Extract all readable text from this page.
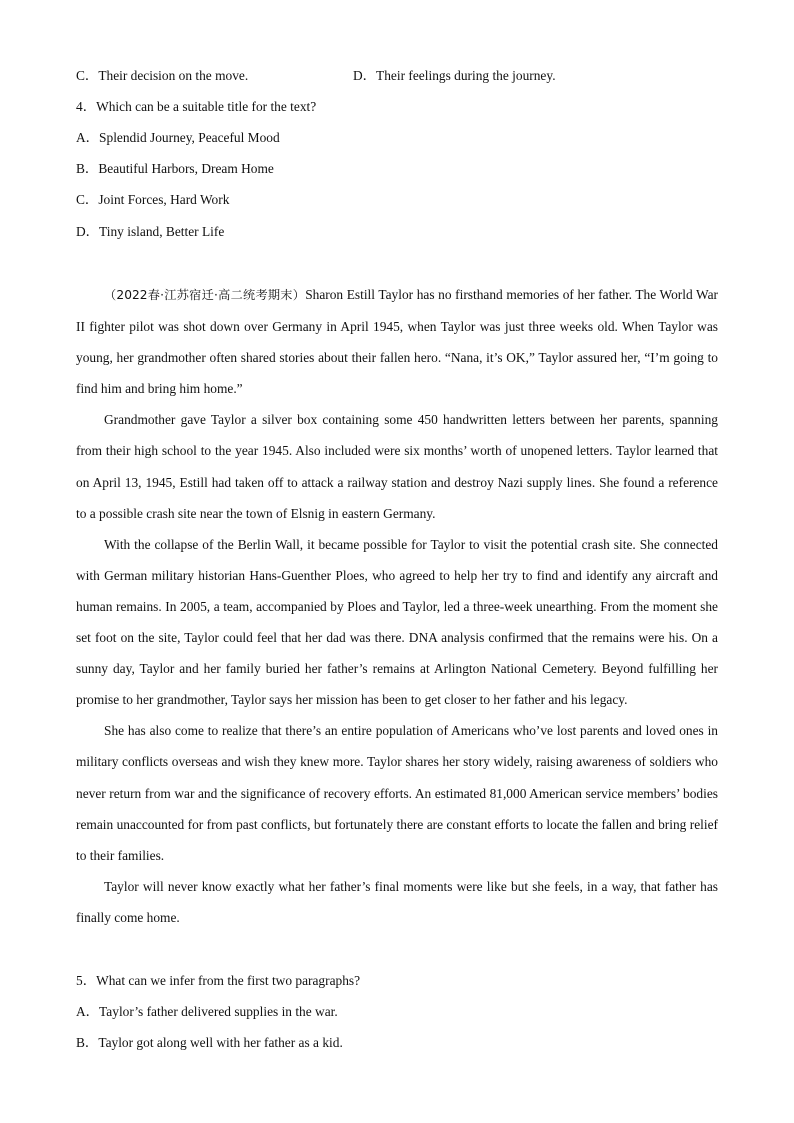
C．Their decision on the move.	D．Their feelings during the journey.
4．Which can be a suitable title for the text?
A．Splendid Journey, Peaceful Mood
B．Beautiful Harbors, Dream Home
C．Joint Forces, Hard Work
D．Tiny island, Better Life

（2022春·江苏宿迁·高二统考期末）Sharon Estill Taylor has no firsthand memories of her father. The World War II fighter pilot was shot down over Germany in April 1945, when Taylor was just three weeks old. When Taylor was young, her grandmother often shared stories about their fallen hero. “Nana, it’s OK,” Taylor assured her, “I’m going to find him and bring him home.”

Grandmother gave Taylor a silver box containing some 450 handwritten letters between her parents, spanning from their high school to the year 1945. Also included were six months’ worth of unopened letters. Taylor learned that on April 13, 1945, Estill had taken off to attack a railway station and destroy Nazi supply lines. She found a reference to a possible crash site near the town of Elsnig in eastern Germany.

With the collapse of the Berlin Wall, it became possible for Taylor to visit the potential crash site. She connected with German military historian Hans-Guenther Ploes, who agreed to help her try to find and identify any aircraft and human remains. In 2005, a team, accompanied by Ploes and Taylor, led a three-week unearthing. From the moment she set foot on the site, Taylor could feel that her dad was there. DNA analysis confirmed that the remains were his. On a sunny day, Taylor and her family buried her father’s remains at Arlington National Cemetery. Beyond fulfilling her promise to her grandmother, Taylor says her mission has been to get closer to her father and his legacy.

She has also come to realize that there’s an entire population of Americans who’ve lost parents and loved ones in military conflicts overseas and wish they knew more. Taylor shares her story widely, raising awareness of soldiers who never return from war and the significance of recovery efforts. An estimated 81,000 American service members’ bodies remain unaccounted for from past conflicts, but fortunately there are constant efforts to locate the fallen and bring relief to their families.

Taylor will never know exactly what her father’s final moments were like but she feels, in a way, that father has finally come home.

5．What can we infer from the first two paragraphs?
A．Taylor’s father delivered supplies in the war.
B．Taylor got along well with her father as a kid.
